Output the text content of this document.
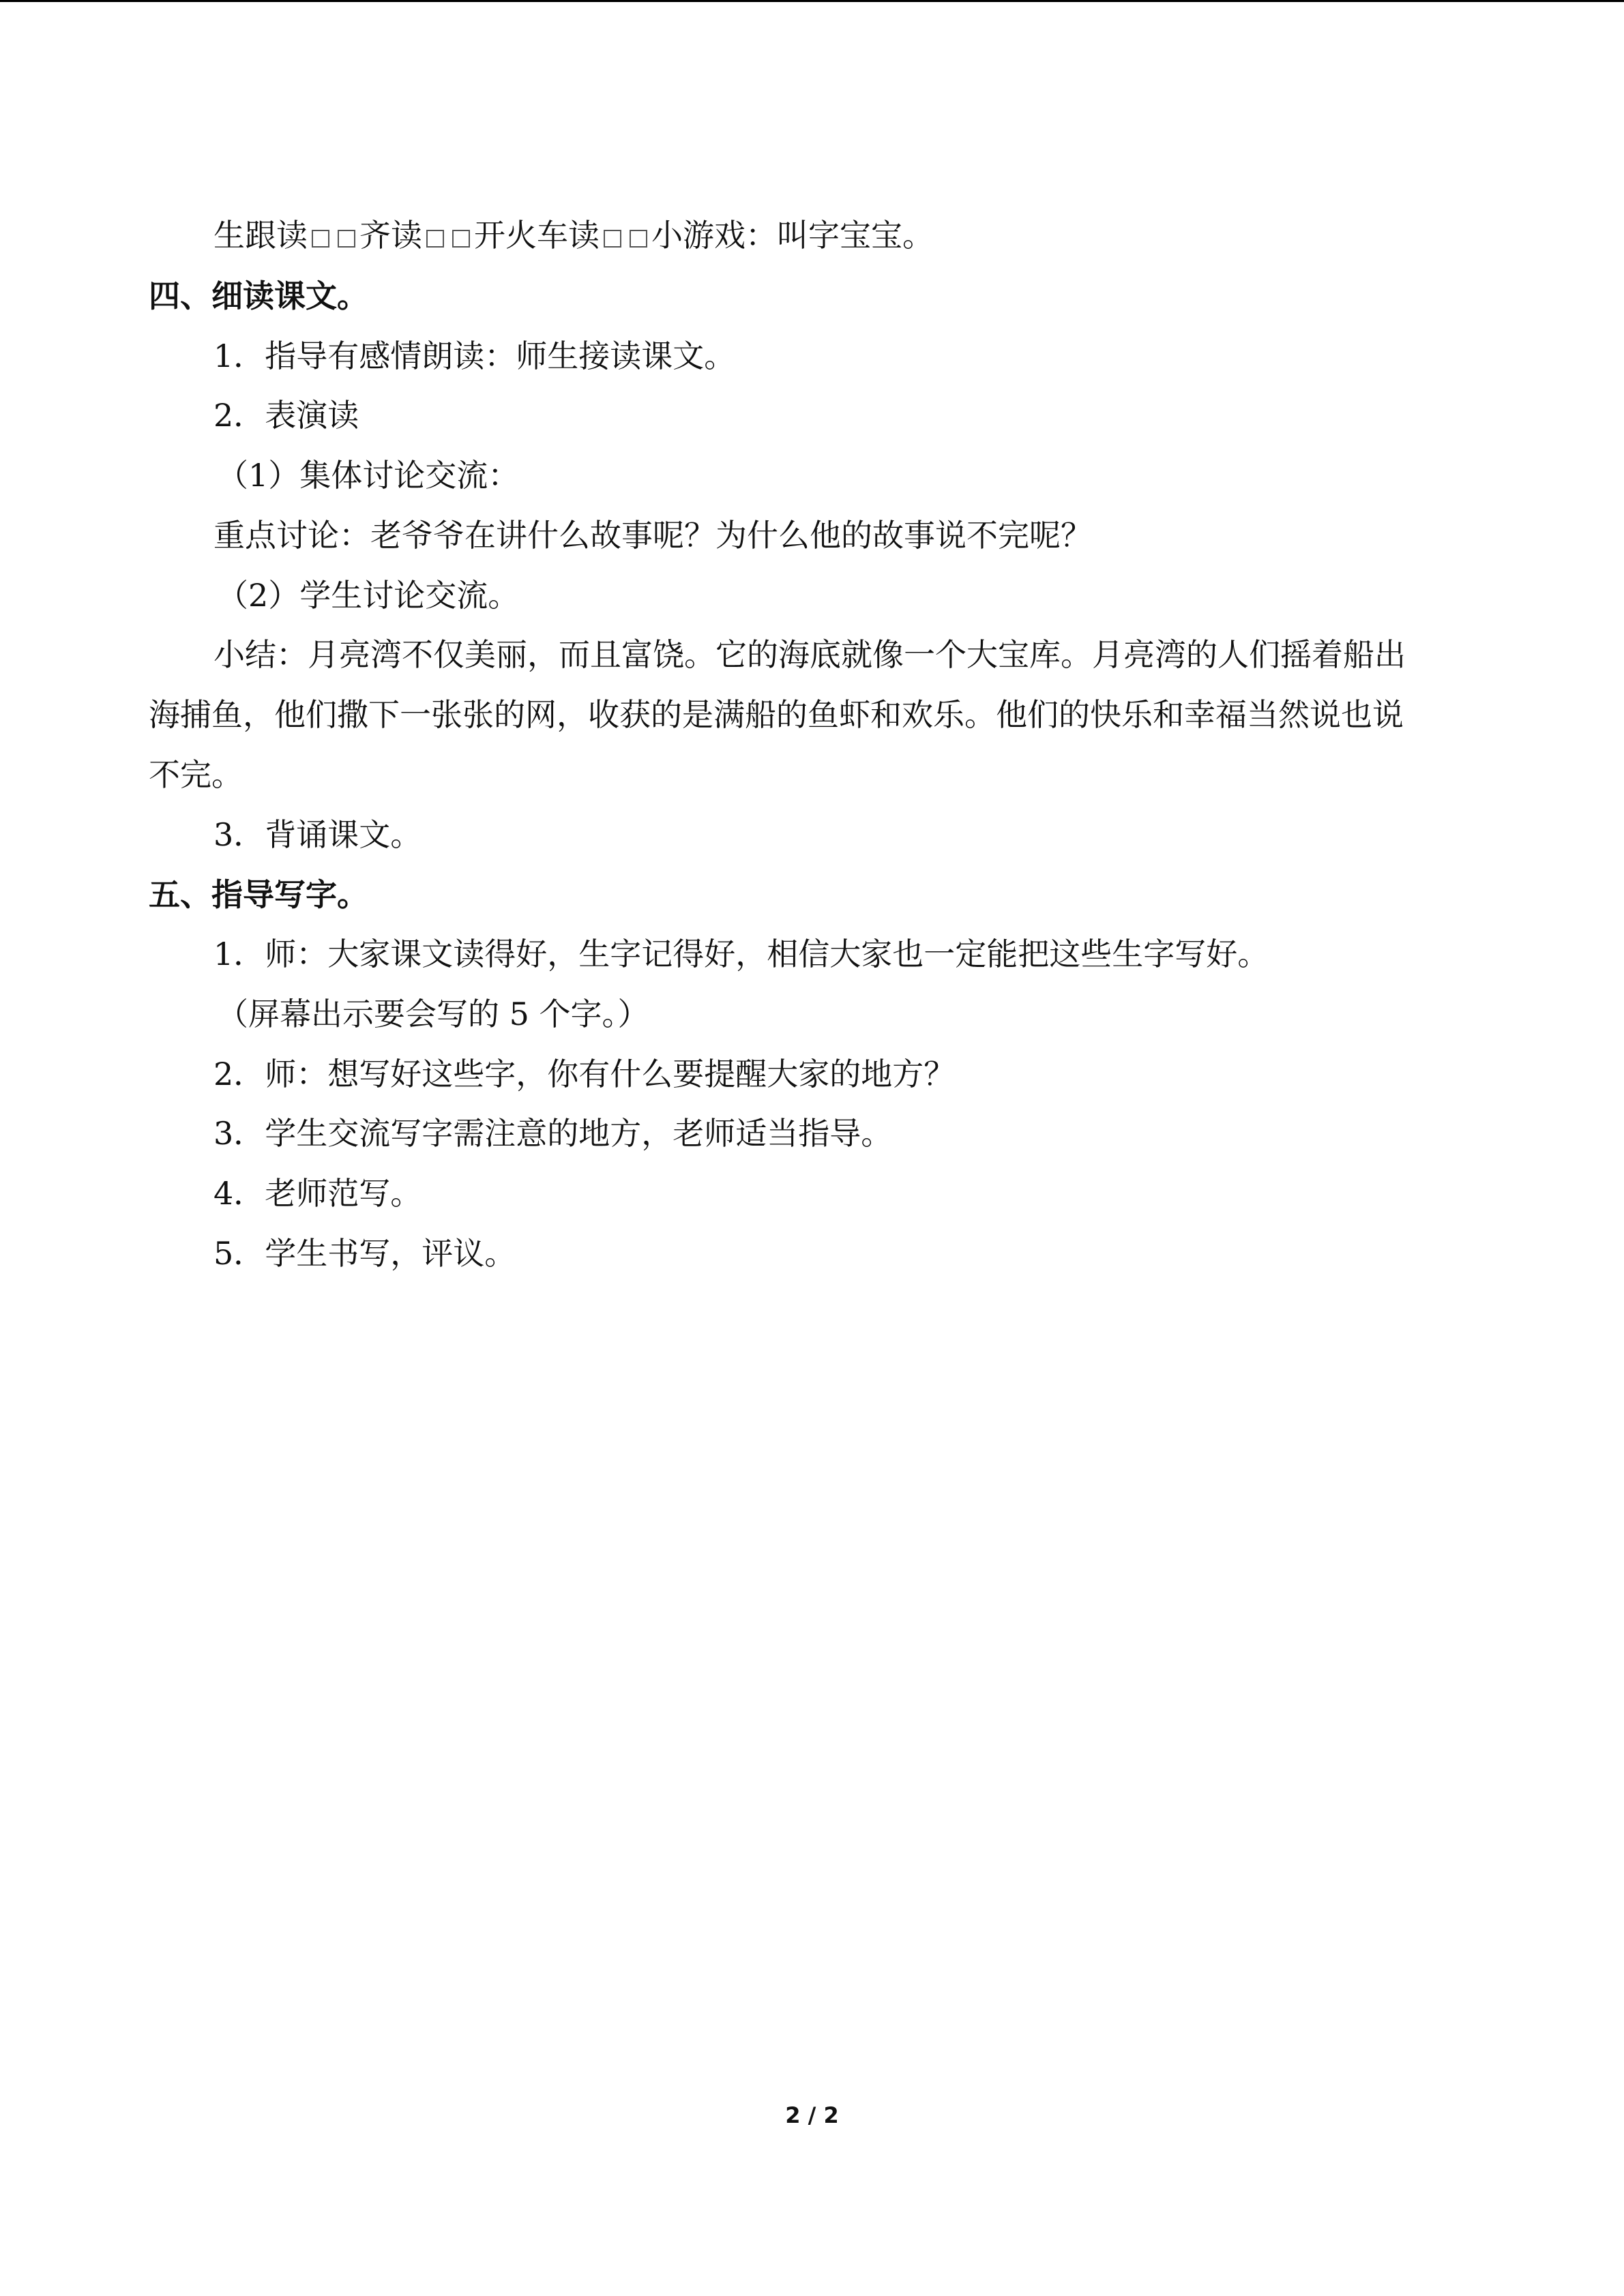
生跟读 齐读 开火车读 小游戏：叫字宝宝。
四、细读课文。
1．指导有感情朗读：师生接读课文。
2．表演读
（1）集体讨论交流：
重点讨论：老爷爷在讲什么故事呢？为什么他的故事说不完呢？
（2）学生讨论交流。
小结：月亮湾不仅美丽，而且富饶。它的海底就像一个大宝库。月亮湾的人们摇着船出
海捕鱼，他们撒下一张张的网，收获的是满船的鱼虾和欢乐。他们的快乐和幸福当然说也说
不完。
3．背诵课文。
五、指导写字。
1．师：大家课文读得好，生字记得好，相信大家也一定能把这些生字写好。
（屏幕出示要会写的 5 个字。）
2．师：想写好这些字，你有什么要提醒大家的地方？
3．学生交流写字需注意的地方，老师适当指导。
4．老师范写。
5．学生书写，评议。
2 / 2
